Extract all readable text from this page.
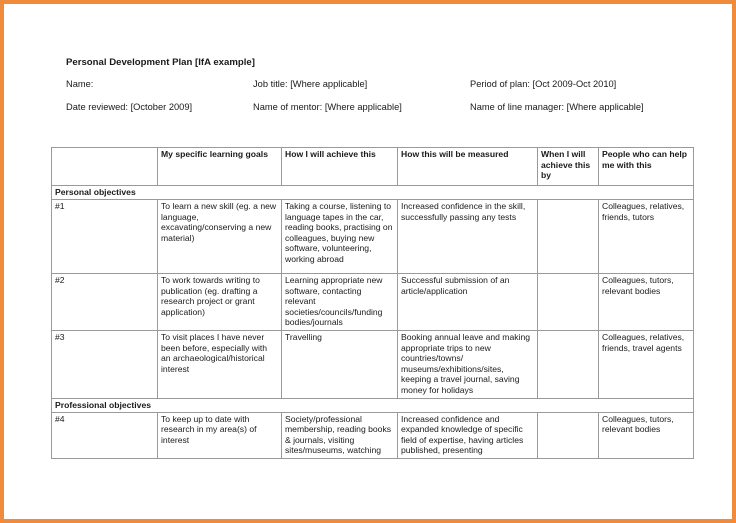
Personal Development Plan [IfA example]
Name:	Job title: [Where applicable]	Period of plan: [Oct 2009-Oct 2010]
Date reviewed: [October 2009]	Name of mentor: [Where applicable]	Name of line manager: [Where applicable]
	My specific learning goals	How I will achieve this	How this will be measured	When I will achieve this by	People who can help me with this
Personal objectives					
#1	To learn a new skill (eg. a new language, excavating/conserving a new material)	Taking a course, listening to language tapes in the car, reading books, practising on colleagues, buying new software, volunteering, working abroad	Increased confidence in the skill, successfully passing any tests		Colleagues, relatives, friends, tutors
#2	To work towards writing to publication (eg. drafting a research project or grant application)	Learning appropriate new software, contacting relevant societies/councils/funding bodies/journals	Successful submission of an article/application		Colleagues, tutors, relevant bodies
#3	To visit places I have never been before, especially with an archaeological/historical interest	Travelling	Booking annual leave and making appropriate trips to new countries/towns/ museums/exhibitions/sites, keeping a travel journal, saving money for holidays		Colleagues, relatives, friends, travel agents
Professional objectives					
#4	To keep up to date with research in my area(s) of interest	Society/professional membership, reading books & journals, visiting sites/museums, watching	Increased confidence and expanded knowledge of specific field of expertise, having articles published, presenting		Colleagues, tutors, relevant bodies
